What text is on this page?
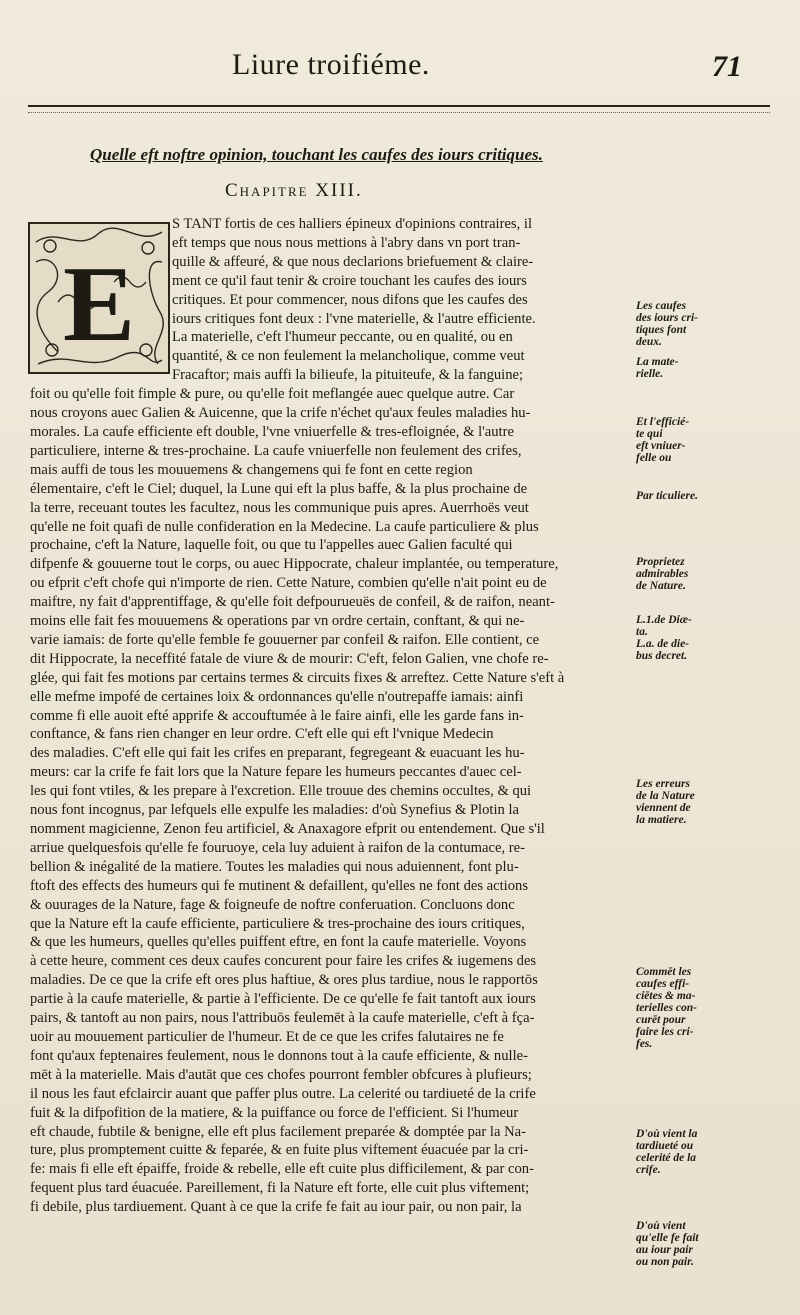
Liure troifiéme.	71
Quelle eft noftre opinion, touchant les caufes des iours critiques.
Chapitre XIII.
E
S TANT fortis de ces halliers épineux d'opinions contraires, il
eft temps que nous nous mettions à l'abry dans vn port tran-
quille & affeuré, & que nous declarions briefuement & claire-
ment ce qu'il faut tenir & croire touchant les caufes des iours
critiques. Et pour commencer, nous difons que les caufes des
iours critiques font deux : l'vne materielle, & l'autre efficiente.
La materielle, c'eft l'humeur peccante, ou en qualité, ou en
quantité, & ce non feulement la melancholique, comme veut
Fracaftor; mais auffi la bilieufe, la pituiteufe, & la fanguine;
foit ou qu'elle foit fimple & pure, ou qu'elle foit meflangée auec quelque autre. Car
nous croyons auec Galien & Auicenne, que la crife n'échet qu'aux feules maladies hu-
morales. La caufe efficiente eft double, l'vne vniuerfelle & tres-efloignée, & l'autre
particuliere, interne & tres-prochaine. La caufe vniuerfelle non feulement des crifes,
mais auffi de tous les mouuemens & changemens qui fe font en cette region
élementaire, c'eft le Ciel; duquel, la Lune qui eft la plus baffe, & la plus prochaine de
la terre, receuant toutes les facultez, nous les communique puis apres. Auerrhoës veut
qu'elle ne foit quafi de nulle confideration en la Medecine. La caufe particuliere & plus
prochaine, c'eft la Nature, laquelle foit, ou que tu l'appelles auec Galien faculté qui
difpenfe & gouuerne tout le corps, ou auec Hippocrate, chaleur implantée, ou temperature,
ou efprit c'eft chofe qui n'importe de rien. Cette Nature, combien qu'elle n'ait point eu de
maiftre, ny fait d'apprentiffage, & qu'elle foit defpourueuës de confeil, & de raifon, neant-
moins elle fait fes mouuemens & operations par vn ordre certain, conftant, & qui ne-
varie iamais: de forte qu'elle femble fe gouuerner par confeil & raifon. Elle contient, ce
dit Hippocrate, la neceffité fatale de viure & de mourir: C'eft, felon Galien, vne chofe re-
glée, qui fait fes motions par certains termes & circuits fixes & arreftez. Cette Nature s'eft à
elle mefme impofé de certaines loix & ordonnances qu'elle n'outrepaffe iamais: ainfi
comme fi elle auoit efté apprife & accouftumée à le faire ainfi, elle les garde fans in-
conftance, & fans rien changer en leur ordre. C'eft elle qui eft l'vnique Medecin
des maladies. C'eft elle qui fait les crifes en preparant, fegregeant & euacuant les hu-
meurs: car la crife fe fait lors que la Nature fepare les humeurs peccantes d'auec cel-
les qui font vtiles, & les prepare à l'excretion. Elle trouue des chemins occultes, & qui
nous font incognus, par lefquels elle expulfe les maladies: d'où Synefius & Plotin la
nomment magicienne, Zenon feu artificiel, & Anaxagore efprit ou entendement. Que s'il
arriue quelquesfois qu'elle fe fouruoye, cela luy aduient à raifon de la contumace, re-
bellion & inégalité de la matiere. Toutes les maladies qui nous aduiennent, font plu-
ftoft des effects des humeurs qui fe mutinent & defaillent, qu'elles ne font des actions
& ouurages de la Nature, fage & foigneufe de noftre conferuation. Concluons donc
que la Nature eft la caufe efficiente, particuliere & tres-prochaine des iours critiques,
& que les humeurs, quelles qu'elles puiffent eftre, en font la caufe materielle. Voyons
à cette heure, comment ces deux caufes concurent pour faire les crifes & iugemens des
maladies. De ce que la crife eft ores plus haftiue, & ores plus tardiue, nous le rapportōs
partie à la caufe materielle, & partie à l'efficiente. De ce qu'elle fe fait tantoft aux iours
pairs, & tantoft au non pairs, nous l'attribuōs feulemēt à la caufe materielle, c'eft à fça-
uoir au mouuement particulier de l'humeur. Et de ce que les crifes falutaires ne fe
font qu'aux feptenaires feulement, nous le donnons tout à la caufe efficiente, & nulle-
mēt à la materielle. Mais d'autāt que ces chofes pourront fembler obfcures à plufieurs;
il nous les faut efclaircir auant que paffer plus outre. La celerité ou tardiueté de la crife
fuit & la difpofition de la matiere, & la puiffance ou force de l'efficient. Si l'humeur
eft chaude, fubtile & benigne, elle eft plus facilement preparée & domptée par la Na-
ture, plus promptement cuitte & feparée, & en fuite plus viftement éuacuée par la cri-
fe: mais fi elle eft épaiffe, froide & rebelle, elle eft cuite plus difficilement, & par con-
fequent plus tard éuacuée. Pareillement, fi la Nature eft forte, elle cuit plus viftement;
fi debile, plus tardiuement. Quant à ce que la crife fe fait au iour pair, ou non pair, la
Les caufes
des iours cri-
tiques font
deux.
La mate-
rielle.
Et l'efficié-
te qui
eft vniuer-
felle ou
Par ticuliere.
Proprietez
admirables
de Nature.
L.1.de Diæ-
ta.
L.a. de die-
bus decret.
Les erreurs
de la Nature
viennent de
la matiere.
Commēt les
caufes effi-
ciētes & ma-
terielles con-
curēt pour
faire les cri-
fes.
D'où vient la
tardiueté ou
celerité de la
crife.
D'où vient
qu'elle fe fait
au iour pair
ou non pair.
